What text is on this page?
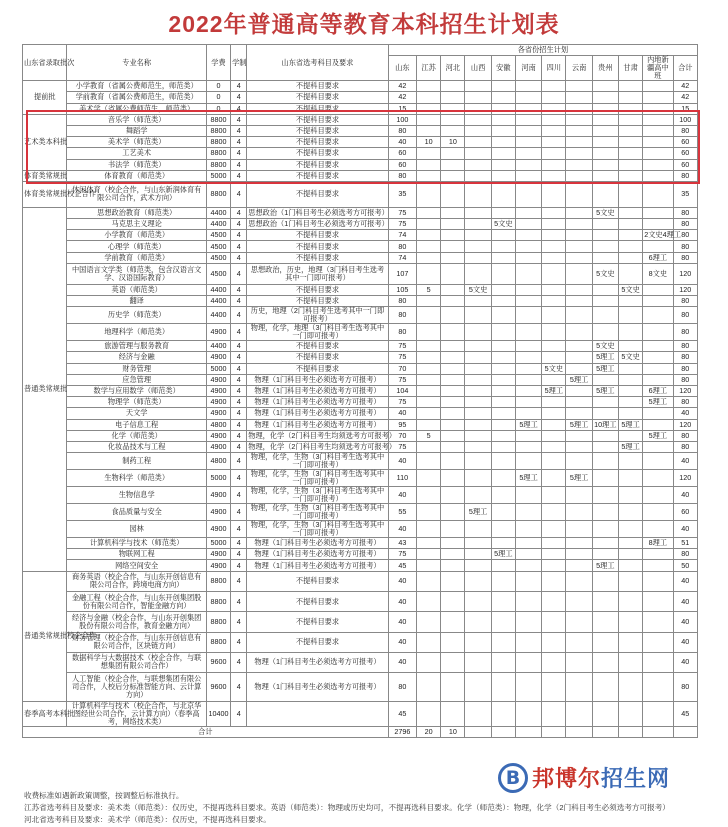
2022年普通高等教育本科招生计划表
山东省录取批次	专业名称	学费	学制	山东省选考科目及要求	各省份招生计划											
					山东	江苏	河北	山西	安徽	河南	四川	云南	贵州	甘肃	内地新疆高中班	合计
提前批	小学教育（省属公费师范生，师范类）	0	4	不提科目要求	42											42
	学前教育（省属公费师范生，师范类）	0	4	不提科目要求	42											42
	美术学（省属公费师范生，师范类）	0	4	不提科目要求	15											15
艺术类本科批	音乐学（师范类）	8800	4	不提科目要求	100											100
	舞蹈学	8800	4	不提科目要求	80											80
	美术学（师范类）	8800	4	不提科目要求	40	10	10									60
	工艺美术	8800	4	不提科目要求	60											60
	书法学（师范类）	8800	4	不提科目要求	60											60
体育类常规批	体育教育（师范类）	5000	4	不提科目要求	80											80
体育类常规批校企合作	休闲体育（校企合作，与山东新润体育有限公司合作，武术方向）	8800	4	不提科目要求	35											35
普通类常规批	思想政治教育（师范类）	4400	4	思想政治（1门科目考生必须选考方可报考）	75								5文史			80
	马克思主义理论	4400	4	思想政治（1门科目考生必须选考方可报考）	75				5文史							80
	小学教育（师范类）	4500	4	不提科目要求	74										2文史4理工	80
	心理学（师范类）	4500	4	不提科目要求	80											80
	学前教育（师范类）	4500	4	不提科目要求	74										6理工	80
	中国语言文学类（师范类，包含汉语言文学、汉语国际教育）	4500	4	思想政治，历史，地理（3门科目考生选考其中一门即可报考）	107								5文史		8文史	120
	英语（师范类）	4400	4	不提科目要求	105	5		5文史						5文史		120
	翻译	4400	4	不提科目要求	80											80
	历史学（师范类）	4400	4	历史，地理（2门科目考生选考其中一门即可报考）	80											80
	地理科学（师范类）	4900	4	物理，化学，地理（3门科目考生选考其中一门即可报考）	80											80
	旅游管理与服务教育	4400	4	不提科目要求	75								5文史			80
	经济与金融	4900	4	不提科目要求	75								5理工	5文史		80
	财务管理	5000	4	不提科目要求	70						5文史		5理工			80
	应急管理	4900	4	物理（1门科目考生必须选考方可报考）	75							5理工				80
	数学与应用数学（师范类）	4900	4	物理（1门科目考生必须选考方可报考）	104						5理工		5理工		6理工	120
	物理学（师范类）	4900	4	物理（1门科目考生必须选考方可报考）	75										5理工	80
	天文学	4900	4	物理（1门科目考生必须选考方可报考）	40											40
	电子信息工程	4800	4	物理（1门科目考生必须选考方可报考）	95					5理工		5理工	10理工	5理工		120
	化学（师范类）	4900	4	物理，化学（2门科目考生均须选考方可报考）	70	5									5理工	80
	化妆品技术与工程	4900	4	物理，化学（2门科目考生均须选考方可报考）	75									5理工		80
	制药工程	4800	4	物理，化学，生物（3门科目考生选考其中一门即可报考）	40											40
	生物科学（师范类）	5000	4	物理，化学，生物（3门科目考生选考其中一门即可报考）	110					5理工		5理工				120
	生物信息学	4900	4	物理，化学，生物（3门科目考生选考其中一门即可报考）	40											40
	食品质量与安全	4900	4	物理，化学，生物（3门科目考生选考其中一门即可报考）	55			5理工								60
	园林	4900	4	物理，化学，生物（3门科目考生选考其中一门即可报考）	40											40
	计算机科学与技术（师范类）	5000	4	物理（1门科目考生必须选考方可报考）	43										8理工	51
	物联网工程	4900	4	物理（1门科目考生必须选考方可报考）	75				5理工							80
	网络空间安全	4900	4	物理（1门科目考生必须选考方可报考）	45								5理工			50
普通类常规批校企合作	商务英语（校企合作，与山东开创信息有限公司合作，跨境电商方向）	8800	4	不提科目要求	40											40
	金融工程（校企合作，与山东开创集团股份有限公司合作，智能金融方向）	8800	4	不提科目要求	40											40
	经济与金融（校企合作，与山东开创集团股份有限公司合作，教育金融方向）	8800	4	不提科目要求	40											40
	财务管理（校企合作，与山东开创信息有限公司合作，区块链方向）	8800	4	不提科目要求	40											40
	数据科学与大数据技术（校企合作，与联想集团有限公司合作）	9600	4	物理（1门科目考生必须选考方可报考）	40											40
	人工智能（校企合作，与联想集团有限公司合作，人校后分标准智能方向、云计算方向）	9600	4	物理（1门科目考生必须选考方可报考）	80											80
春季高考本科批	计算机科学与技术（校企合作，与北京华图经世公司合作，云计算方向）（春季高考，网络技术类）	10400	4		45											45
合计					2796	20	10									
收费标准如遇新政策调整，按调整后标准执行。
江苏省选考科目及要求：美术类（师范类）：仅历史，不提再选科目要求。英语（师范类）：物理或历史均可，不提再选科目要求。化学（师范类）：物理，化学（2门科目考生必须选考方可报考）
河北省选考科目及要求：美术学（师范类）：仅历史，不提再选科目要求。
B 邦博尔招生网
